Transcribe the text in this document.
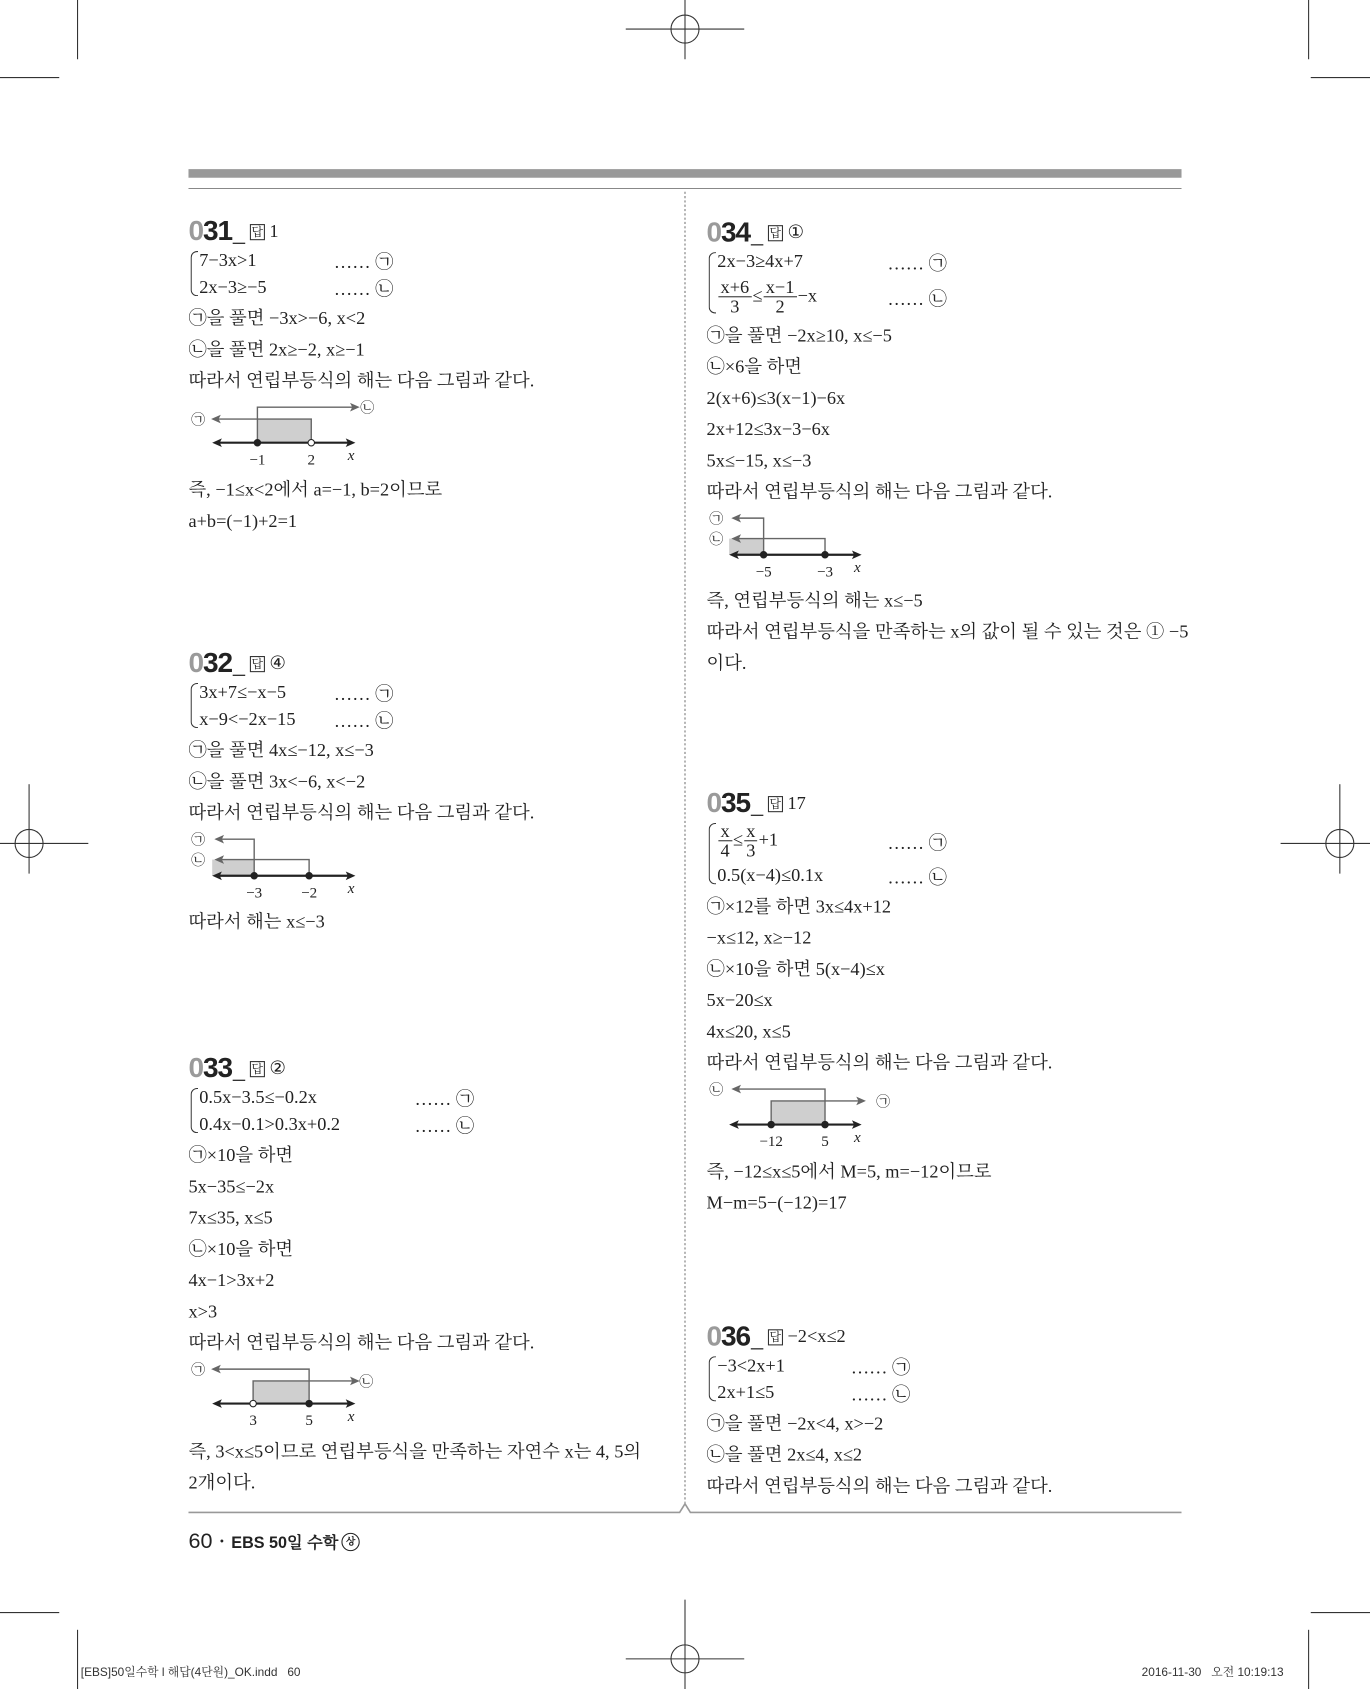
031 _ 답 1
7−3x>1	…… ㉠
2x−3≥−5	…… ㉡
㉠을 풀면 −3x>−6, x<2
㉡을 풀면 2x≥−2, x≥−1
따라서 연립부등식의 해는 다음 그림과 같다.
㉠
㉡
−1	2 x
즉, −1≤x<2에서 a=−1, b=2이므로
a+b=(−1)+2=1
032 _ 답 ④
3x+7≤−x−5	…… ㉠
x−9<−2x−15 …… ㉡
㉠을 풀면 4x≤−12, x≤−3
㉡을 풀면 3x<−6, x<−2
따라서 연립부등식의 해는 다음 그림과 같다.
㉠
㉡
−3	−2 x
따라서 해는 x≤−3
033 _ 답 ②
0.5x−3.5≤−0.2x	…… ㉠
0.4x−0.1>0.3x+0.2	…… ㉡
㉠×10을 하면
5x−35≤−2x
7x≤35, x≤5
㉡×10을 하면
4x−1>3x+2
x>3
따라서 연립부등식의 해는 다음 그림과 같다.
㉠
㉡
3	5 x
즉, 3<x≤5이므로 연립부등식을 만족하는 자연수 x는 4, 5의
2개이다.
034 _ 답 ①
2x−3≥4x+7	…… ㉠
$\frac{x+6}{3} \le \frac{x-1}{2} -x$	…… ㉡
㉠을 풀면 −2x≥10, x≤−5
㉡×6을 하면
2(x+6)≤3(x−1)−6x
2x+12≤3x−3−6x
5x≤−15, x≤−3
따라서 연립부등식의 해는 다음 그림과 같다.
㉠
㉡
−5	−3 x
즉, 연립부등식의 해는 x≤−5
따라서 연립부등식을 만족하는 x의 값이 될 수 있는 것은 ① −5
이다.
035 _ 답 17
$\frac{x}{4} \le \frac{x}{3} +1$	…… ㉠
0.5(x−4)≤0.1x	…… ㉡
㉠×12를 하면 3x≤4x+12
−x≤12, x≥−12
㉡×10을 하면 5(x−4)≤x
5x−20≤x
4x≤20, x≤5
따라서 연립부등식의 해는 다음 그림과 같다.
㉡
㉠
−12	5 x
즉, −12≤x≤5에서 M=5, m=−12이므로
M−m=5−(−12)=17
036 _ 답 −2<x≤2
−3<2x+1	…… ㉠
2x+1≤5	…… ㉡
㉠을 풀면 −2x<4, x>−2
㉡을 풀면 2x≤4, x≤2
따라서 연립부등식의 해는 다음 그림과 같다.
60 • EBS 50일 수학 상
[EBS]50일수학 l 해답(4단원)_OK.indd   60	2016-11-30   오전 10:19:13
